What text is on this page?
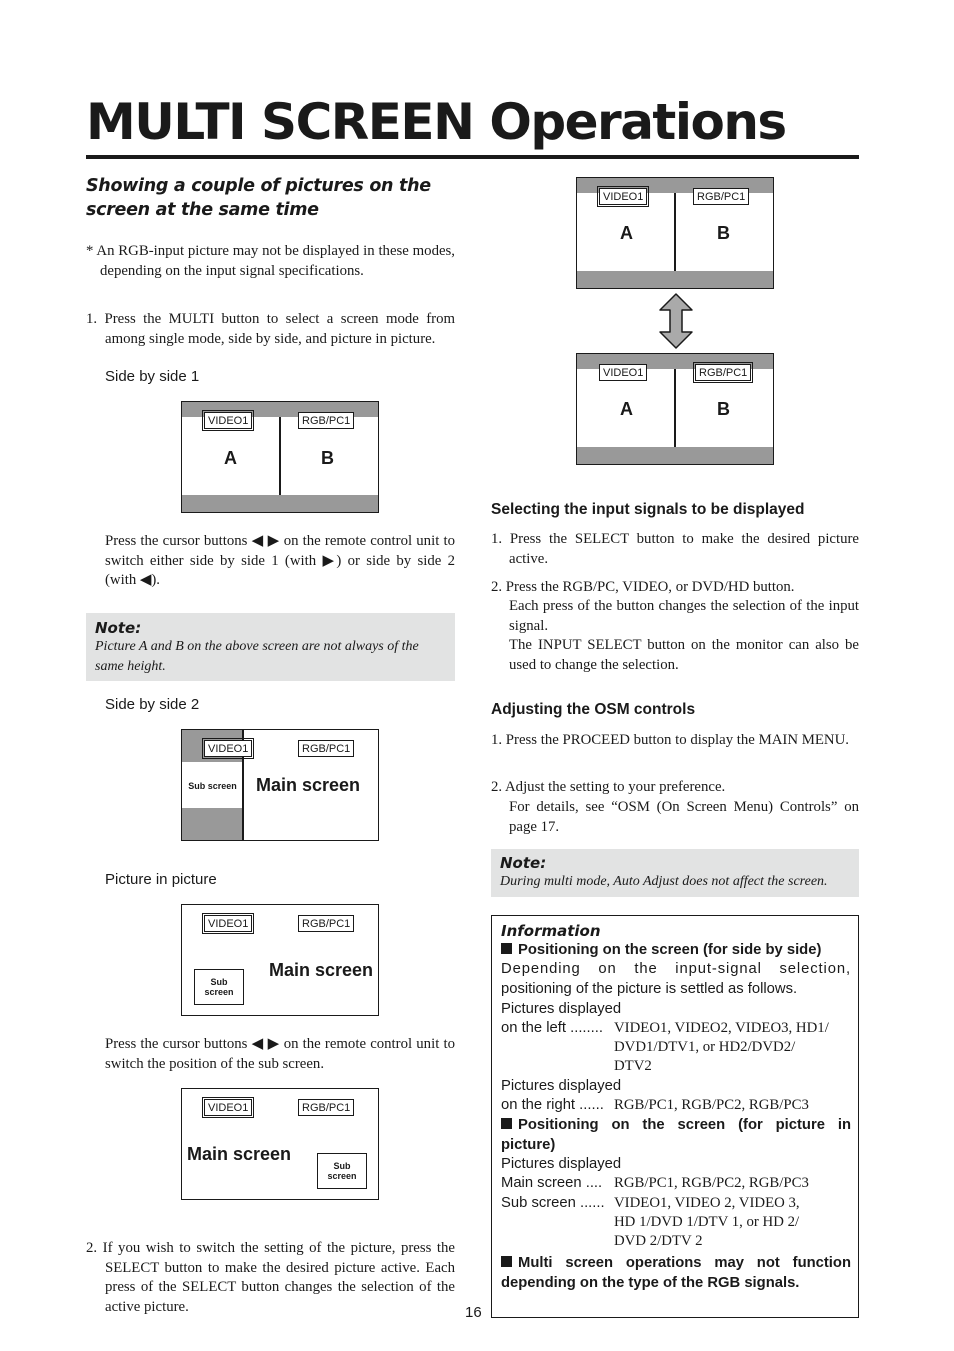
MULTI SCREEN Operations
Showing a couple of pictures on the screen at the same time
* An RGB-input picture may not be displayed in these modes, depending on the input signal specifications.
1. Press the MULTI button to select a screen mode from among single mode, side by side, and picture in picture.
Side by side 1
VIDEO1	RGB/PC1
A	B
Press the cursor buttons ◀ ▶ on the remote control unit to switch either side by side 1 (with ▶) or side by side 2 (with ◀).
Note:
Picture A and B on the above screen are not always of the same height.
Side by side 2
VIDEO1	RGB/PC1
Sub screen Main screen
Picture in picture
VIDEO1	RGB/PC1
Sub
screen
Main screen
Press the cursor buttons ◀ ▶ on the remote control unit to switch the position of the sub screen.
VIDEO1	RGB/PC1
Main screen
Sub
screen
2. If you wish to switch the setting of the picture, press the SELECT button to make the desired picture active. Each press of the SELECT button changes the selection of the active picture.	16
VIDEO1	RGB/PC1
A	B
VIDEO1	RGB/PC1
A	B
Selecting the input signals to be displayed
1. Press the SELECT button to make the desired picture active.
2. Press the RGB/PC, VIDEO, or DVD/HD button.
Each press of the button changes the selection of the input signal.
The INPUT SELECT button on the monitor can also be used to change the selection.
Adjusting the OSM controls
1. Press the PROCEED button to display the MAIN MENU.
2. Adjust the setting to your preference.
For details, see “OSM (On Screen Menu) Controls” on page 17.
Note:
During multi mode, Auto Adjust does not affect the screen.
Information
Positioning on the screen (for side by side)
Depending on the input-signal selection,
positioning of the picture is settled as follows.
Pictures displayed
on the left ........ VIDEO1, VIDEO2, VIDEO3, HD1/
DVD1/DTV1, or HD2/DVD2/
DTV2
Pictures displayed
on the right ...... RGB/PC1, RGB/PC2, RGB/PC3
Positioning on the screen (for picture in picture)
Pictures displayed
Main screen .... RGB/PC1, RGB/PC2, RGB/PC3
Sub screen ...... VIDEO1, VIDEO 2, VIDEO 3,
HD 1/DVD 1/DTV 1, or HD 2/
DVD 2/DTV 2
Multi screen operations may not function depending on the type of the RGB signals.
